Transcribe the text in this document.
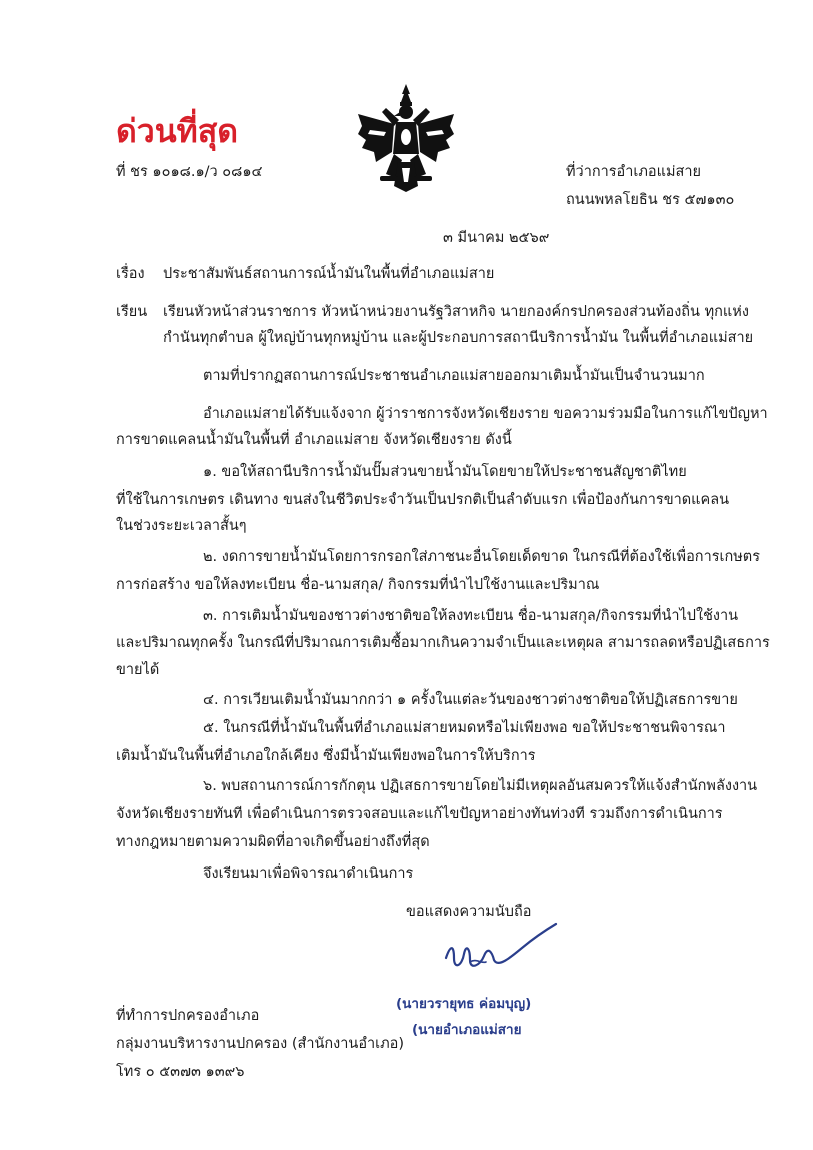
ด่วนที่สุด
ที่ ชร ๑๐๑๘.๑/ว ๐๘๑๔	ที่ว่าการอำเภอแม่สาย
ถนนพหลโยธิน ชร ๕๗๑๓๐
๓ มีนาคม ๒๕๖๙
เรื่อง ประชาสัมพันธ์สถานการณ์น้ำมันในพื้นที่อำเภอแม่สาย
เรียน เรียนหัวหน้าส่วนราชการ หัวหน้าหน่วยงานรัฐวิสาหกิจ นายกองค์กรปกครองส่วนท้องถิ่น ทุกแห่ง
กำนันทุกตำบล ผู้ใหญ่บ้านทุกหมู่บ้าน และผู้ประกอบการสถานีบริการน้ำมัน ในพื้นที่อำเภอแม่สาย
ตามที่ปรากฏสถานการณ์ประชาชนอำเภอแม่สายออกมาเติมน้ำมันเป็นจำนวนมาก
อำเภอแม่สายได้รับแจ้งจาก ผู้ว่าราชการจังหวัดเชียงราย ขอความร่วมมือในการแก้ไขปัญหา
การขาดแคลนน้ำมันในพื้นที่ อำเภอแม่สาย จังหวัดเชียงราย ดังนี้
๑. ขอให้สถานีบริการน้ำมันปั๊มส่วนขายน้ำมันโดยขายให้ประชาชนสัญชาติไทย
ที่ใช้ในการเกษตร เดินทาง ขนส่งในชีวิตประจำวันเป็นปรกติเป็นลำดับแรก เพื่อป้องกันการขาดแคลน
ในช่วงระยะเวลาสั้นๆ
๒. งดการขายน้ำมันโดยการกรอกใส่ภาชนะอื่นโดยเด็ดขาด ในกรณีที่ต้องใช้เพื่อการเกษตร
การก่อสร้าง ขอให้ลงทะเบียน ชื่อ-นามสกุล/ กิจกรรมที่นำไปใช้งานและปริมาณ
๓. การเติมน้ำมันของชาวต่างชาติขอให้ลงทะเบียน ชื่อ-นามสกุล/กิจกรรมที่นำไปใช้งาน
และปริมาณทุกครั้ง ในกรณีที่ปริมาณการเติมซื้อมากเกินความจำเป็นและเหตุผล สามารถลดหรือปฏิเสธการ
ขายได้
๔. การเวียนเติมน้ำมันมากกว่า ๑ ครั้งในแต่ละวันของชาวต่างชาติขอให้ปฏิเสธการขาย
๕. ในกรณีที่น้ำมันในพื้นที่อำเภอแม่สายหมดหรือไม่เพียงพอ ขอให้ประชาชนพิจารณา
เติมน้ำมันในพื้นที่อำเภอใกล้เคียง ซึ่งมีน้ำมันเพียงพอในการให้บริการ
๖. พบสถานการณ์การกักตุน ปฏิเสธการขายโดยไม่มีเหตุผลอันสมควรให้แจ้งสำนักพลังงาน
จังหวัดเชียงรายทันที เพื่อดำเนินการตรวจสอบและแก้ไขปัญหาอย่างทันท่วงที รวมถึงการดำเนินการ
ทางกฎหมายตามความผิดที่อาจเกิดขึ้นอย่างถึงที่สุด
จึงเรียนมาเพื่อพิจารณาดำเนินการ
ขอแสดงความนับถือ
(นายวรายุทธ ค่อมบุญ)
(นายอำเภอแม่สาย
ที่ทำการปกครองอำเภอ
กลุ่มงานบริหารงานปกครอง (สำนักงานอำเภอ)
โทร ๐ ๕๓๗๓ ๑๓๙๖
